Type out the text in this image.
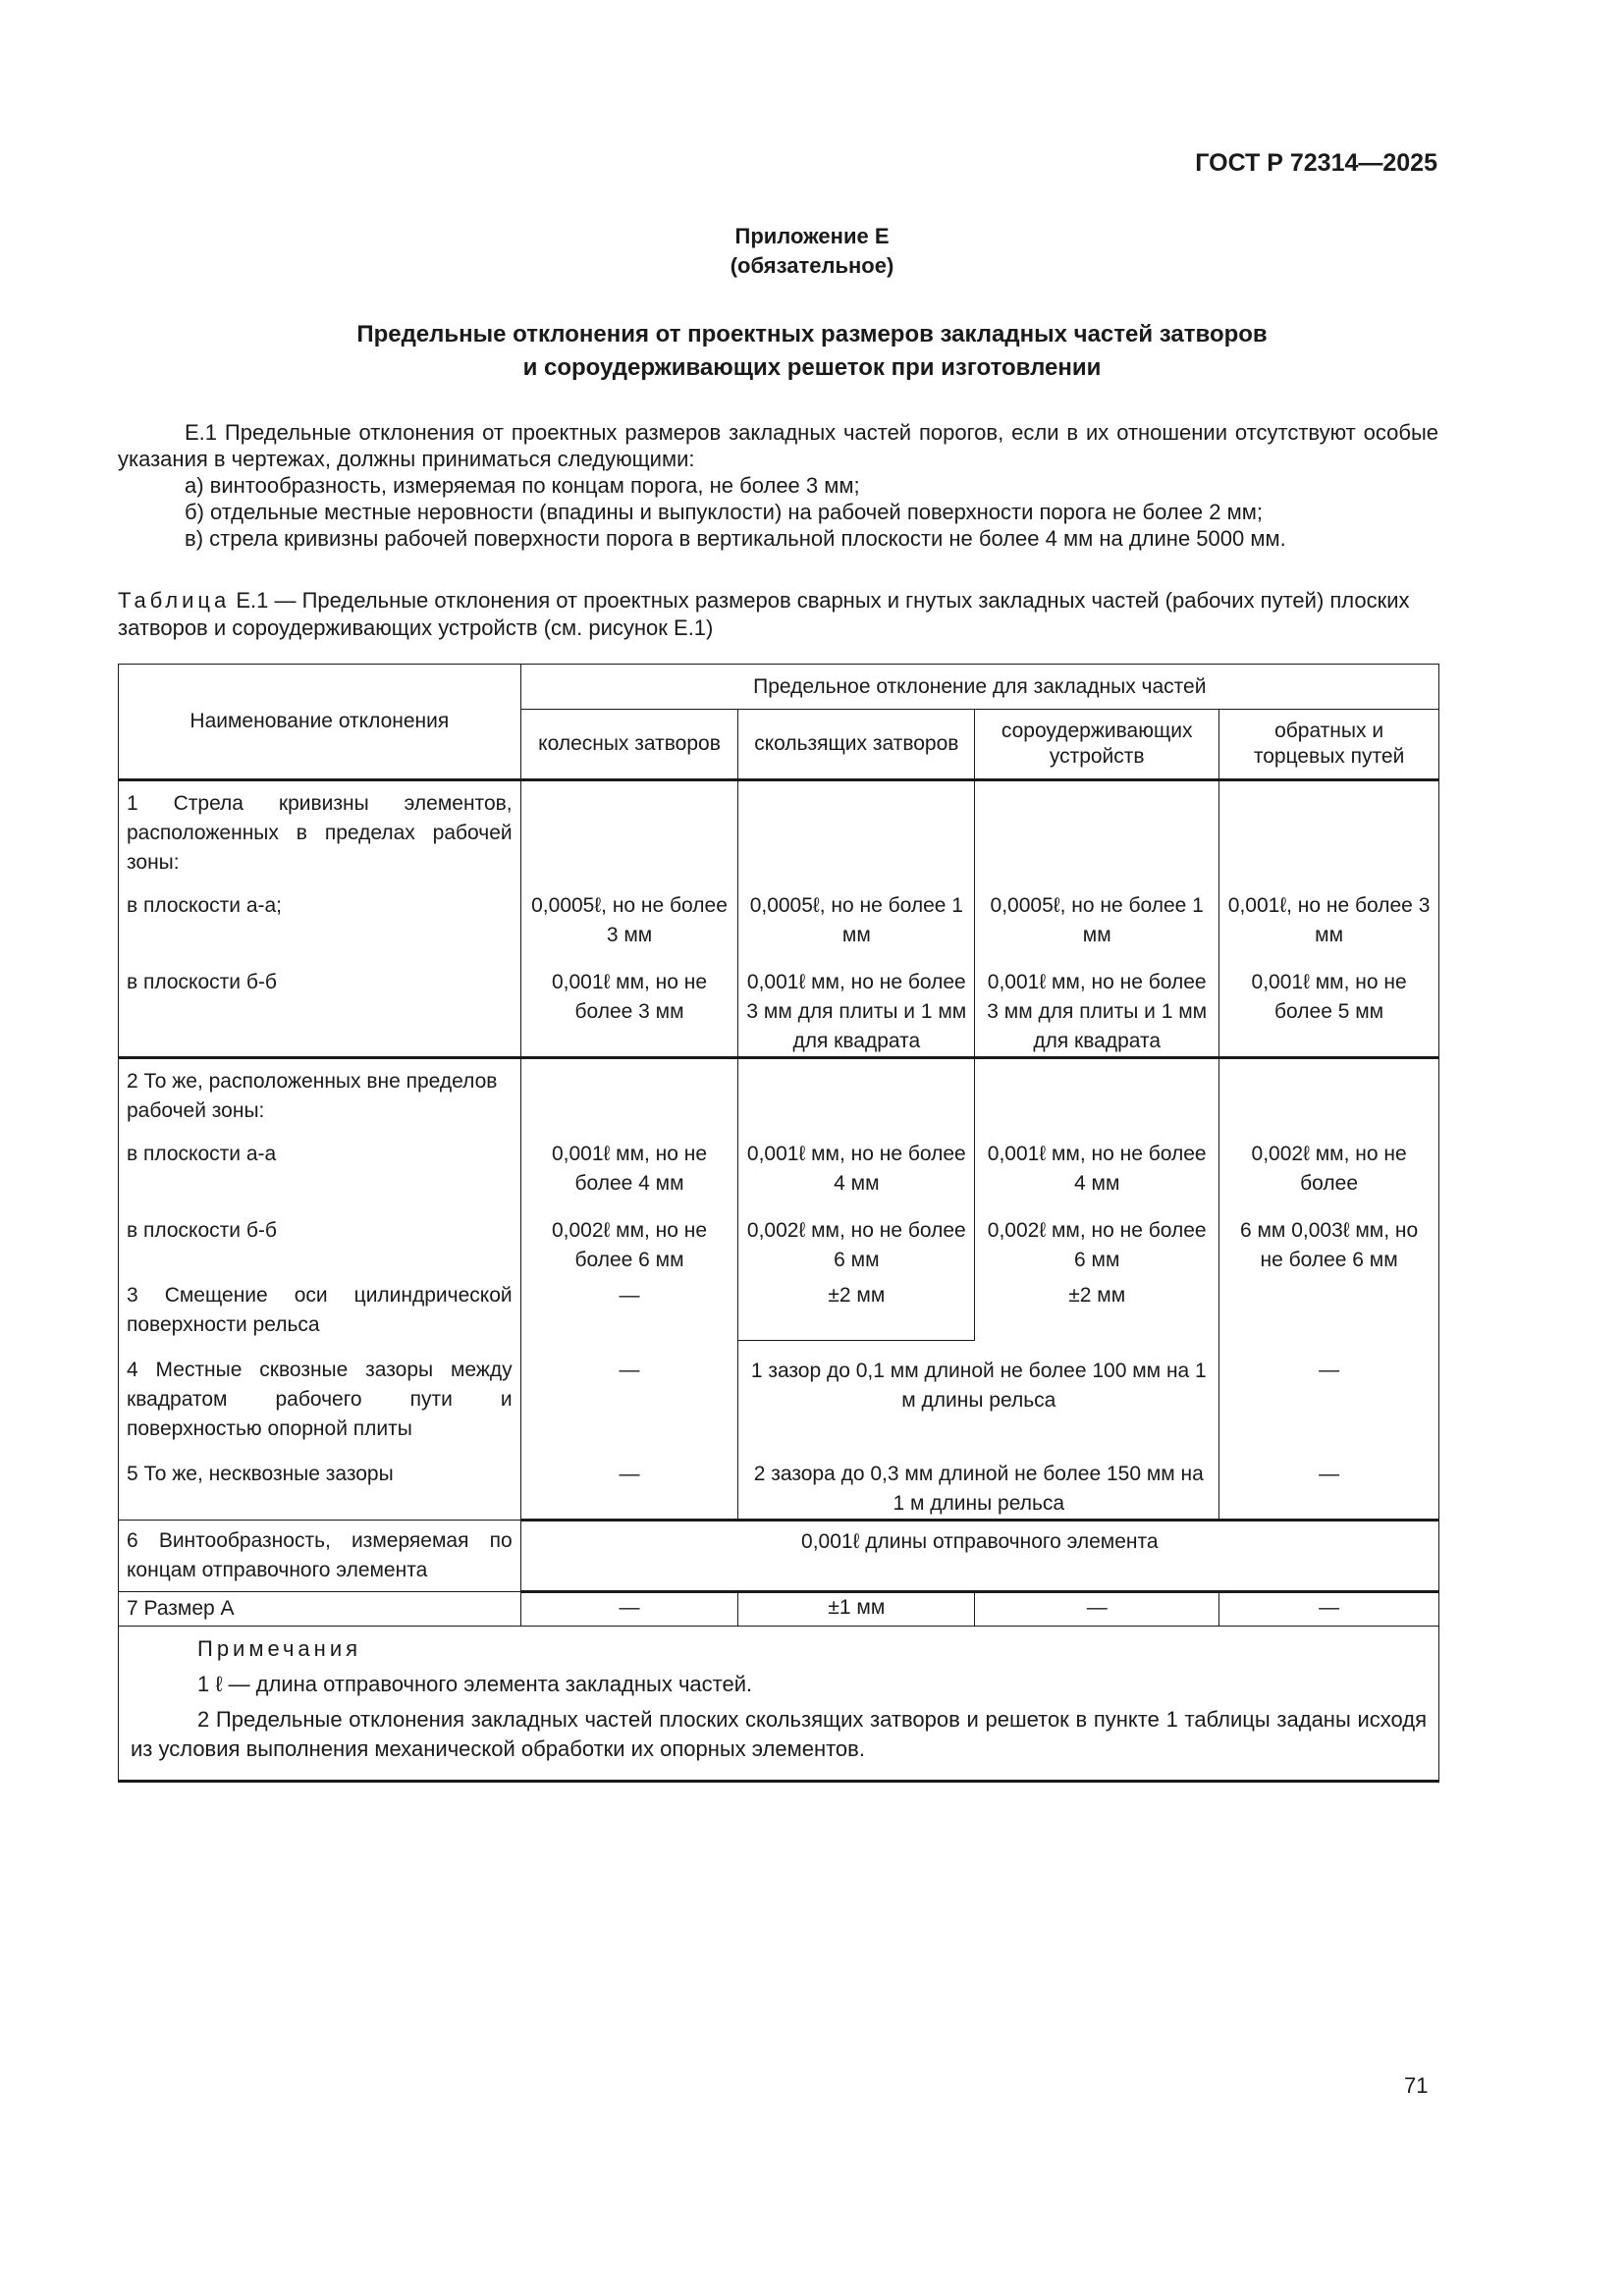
ГОСТ Р 72314—2025
Приложение Е
(обязательное)
Предельные отклонения от проектных размеров закладных частей затворов
и сороудерживающих решеток при изготовлении
Е.1 Предельные отклонения от проектных размеров закладных частей порогов, если в их отношении отсутствуют особые указания в чертежах, должны приниматься следующими:
а) винтообразность, измеряемая по концам порога, не более 3 мм;
б) отдельные местные неровности (впадины и выпуклости) на рабочей поверхности порога не более 2 мм;
в) стрела кривизны рабочей поверхности порога в вертикальной плоскости не более 4 мм на длине 5000 мм.
Таблица Е.1 — Предельные отклонения от проектных размеров сварных и гнутых закладных частей (рабочих путей) плоских затворов и сороудерживающих устройств (см. рисунок Е.1)
Наименование отклонения	Предельное отклонение для закладных частей			
	колесных затворов	скользящих затворов	сороудерживающих устройств	обратных и торцевых путей
1 Стрела кривизны элементов, расположенных в пределах рабочей зоны:				
в плоскости а-а;	0,0005ℓ, но не более 3 мм	0,0005ℓ, но не более 1 мм	0,0005ℓ, но не более 1 мм	0,001ℓ, но не более 3 мм
в плоскости б-б	0,001ℓ мм, но не более 3 мм	0,001ℓ мм, но не более 3 мм для плиты и 1 мм для квадрата	0,001ℓ мм, но не более 3 мм для плиты и 1 мм для квадрата	0,001ℓ мм, но не более 5 мм
2 То же, расположенных вне пределов рабочей зоны:				
в плоскости а-а	0,001ℓ мм, но не более 4 мм	0,001ℓ мм, но не более 4 мм	0,001ℓ мм, но не более 4 мм	0,002ℓ мм, но не более
в плоскости б-б	0,002ℓ мм, но не более 6 мм	0,002ℓ мм, но не более 6 мм	0,002ℓ мм, но не более 6 мм	6 мм 0,003ℓ мм, но не более 6 мм
3 Смещение оси цилиндрической поверхности рельса	—	±2 мм	±2 мм	
4 Местные сквозные зазоры между квадратом рабочего пути и поверхностью опорной плиты	—	1 зазор до 0,1 мм длиной не более 100 мм на 1 м длины рельса		—
5 То же, несквозные зазоры	—	2 зазора до 0,3 мм длиной не более 150 мм на 1 м длины рельса		—
6 Винтообразность, измеряемая по концам отправочного элемента	0,001ℓ длины отправочного элемента			
7 Размер А	—	±1 мм	—	—

Примечания

1 ℓ — длина отправочного элемента закладных частей.

2 Предельные отклонения закладных частей плоских скользящих затворов и решеток в пункте 1 таблицы заданы исходя из условия выполнения механической обработки их опорных элементов.				

71
